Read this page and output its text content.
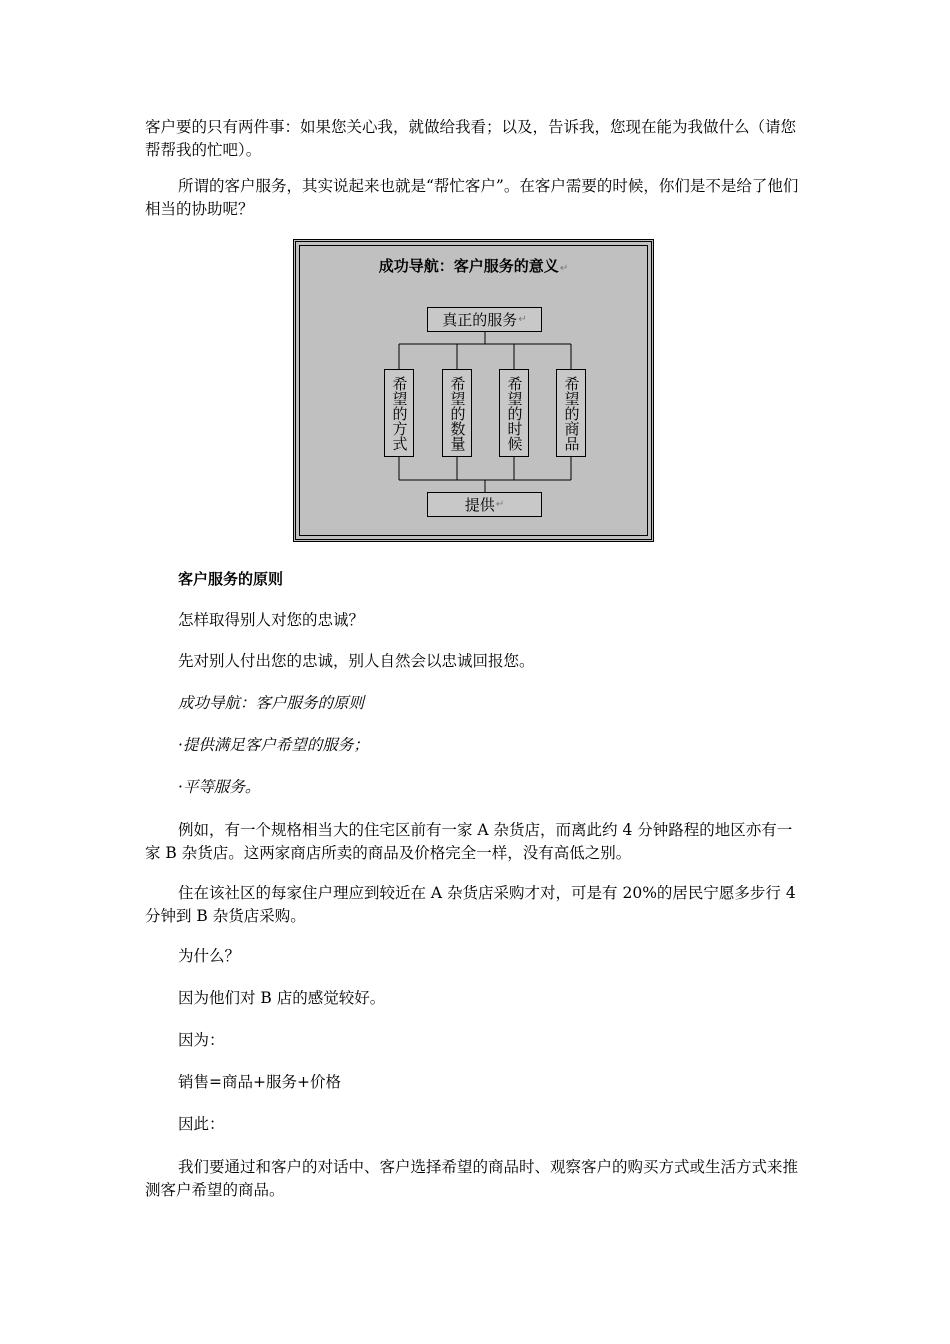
客户要的只有两件事：如果您关心我，就做给我看；以及，告诉我，您现在能为我做什么（请您帮帮我的忙吧）。

所谓的客户服务，其实说起来也就是“帮忙客户”。在客户需要的时候，你们是不是给了他们相当的协助呢？

成功导航：客户服务的意义↵
真正的服务 ↵
希望的方式	希望的数量	希望的时候	希望的商品
提供 ↵

客户服务的原则

怎样取得别人对您的忠诚？

先对别人付出您的忠诚，别人自然会以忠诚回报您。

成功导航：客户服务的原则

·提供满足客户希望的服务；

·平等服务。

例如，有一个规格相当大的住宅区前有一家 A 杂货店，而离此约 4 分钟路程的地区亦有一家 B 杂货店。这两家商店所卖的商品及价格完全一样，没有高低之别。

住在该社区的每家住户理应到较近在 A 杂货店采购才对，可是有 20%的居民宁愿多步行 4 分钟到 B 杂货店采购。

为什么？

因为他们对 B 店的感觉较好。

因为：

销售=商品+服务+价格

因此：

我们要通过和客户的对话中、客户选择希望的商品时、观察客户的购买方式或生活方式来推测客户希望的商品。
